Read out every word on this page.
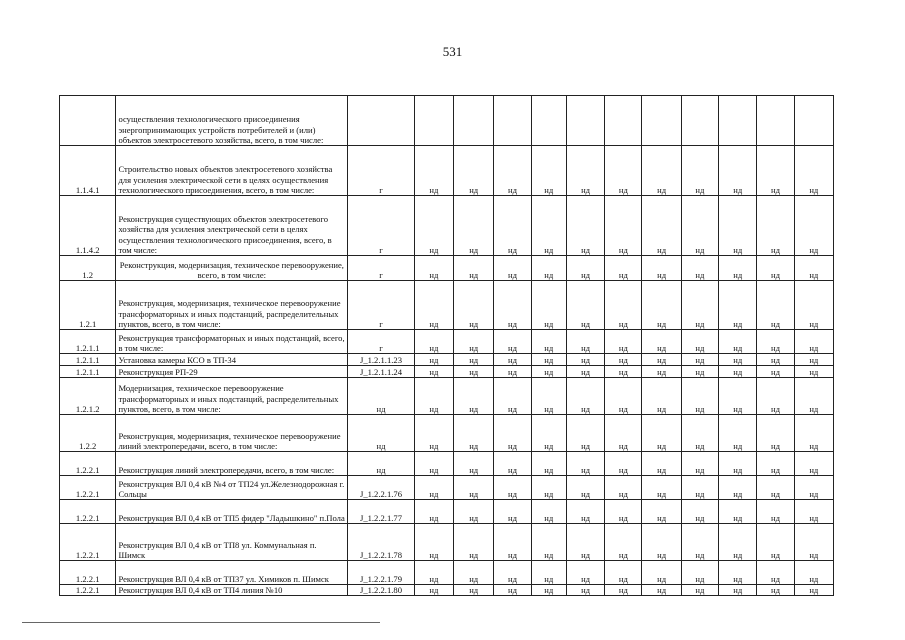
531
	осуществления технологического присоединения энергопринимающих устройств потребителей и (или) объектов электросетевого хозяйства, всего, в том числе:												
1.1.4.1	Строительство новых объектов электросетевого хозяйства для усиления электрической сети в целях осуществления технологического присоединения, всего, в том числе:	г	нд	нд	нд	нд	нд	нд	нд	нд	нд	нд	нд
1.1.4.2	Реконструкция существующих объектов электросетевого хозяйства для усиления электрической сети в целях осуществления технологического присоединения, всего, в том числе:	г	нд	нд	нд	нд	нд	нд	нд	нд	нд	нд	нд
1.2	Реконструкция, модернизация, техническое перевооружение, всего, в том числе:	г	нд	нд	нд	нд	нд	нд	нд	нд	нд	нд	нд
1.2.1	Реконструкция, модернизация, техническое перевооружение трансформаторных и иных подстанций, распределительных пунктов, всего, в том числе:	г	нд	нд	нд	нд	нд	нд	нд	нд	нд	нд	нд
1.2.1.1	Реконструкция трансформаторных и иных подстанций, всего, в том числе:	г	нд	нд	нд	нд	нд	нд	нд	нд	нд	нд	нд
1.2.1.1	Установка камеры КСО в ТП-34	J_1.2.1.1.23	нд	нд	нд	нд	нд	нд	нд	нд	нд	нд	нд
1.2.1.1	Реконструкция РП-29	J_1.2.1.1.24	нд	нд	нд	нд	нд	нд	нд	нд	нд	нд	нд
1.2.1.2	Модернизация, техническое перевооружение трансформаторных и иных подстанций, распределительных пунктов, всего, в том числе:	нд	нд	нд	нд	нд	нд	нд	нд	нд	нд	нд	нд
1.2.2	Реконструкция, модернизация, техническое перевооружение линий электропередачи, всего, в том числе:	нд	нд	нд	нд	нд	нд	нд	нд	нд	нд	нд	нд
1.2.2.1	Реконструкция линий электропередачи, всего, в том числе:	нд	нд	нд	нд	нд	нд	нд	нд	нд	нд	нд	нд
1.2.2.1	Реконструкция ВЛ 0,4 кВ №4 от ТП24 ул.Железнодорожная г. Сольцы	J_1.2.2.1.76	нд	нд	нд	нд	нд	нд	нд	нд	нд	нд	нд
1.2.2.1	Реконструкция ВЛ 0,4 кВ от ТП5 фидер "Ладышкино" п.Пола	J_1.2.2.1.77	нд	нд	нд	нд	нд	нд	нд	нд	нд	нд	нд
1.2.2.1	Реконструкция ВЛ 0,4 кВ от ТП8 ул. Коммунальная п. Шимск	J_1.2.2.1.78	нд	нд	нд	нд	нд	нд	нд	нд	нд	нд	нд
1.2.2.1	Реконструкция ВЛ 0,4 кВ от ТП37 ул. Химиков п. Шимск	J_1.2.2.1.79	нд	нд	нд	нд	нд	нд	нд	нд	нд	нд	нд
1.2.2.1	Реконструкция ВЛ 0,4 кВ от ТП4 линия №10	J_1.2.2.1.80	нд	нд	нд	нд	нд	нд	нд	нд	нд	нд	нд
